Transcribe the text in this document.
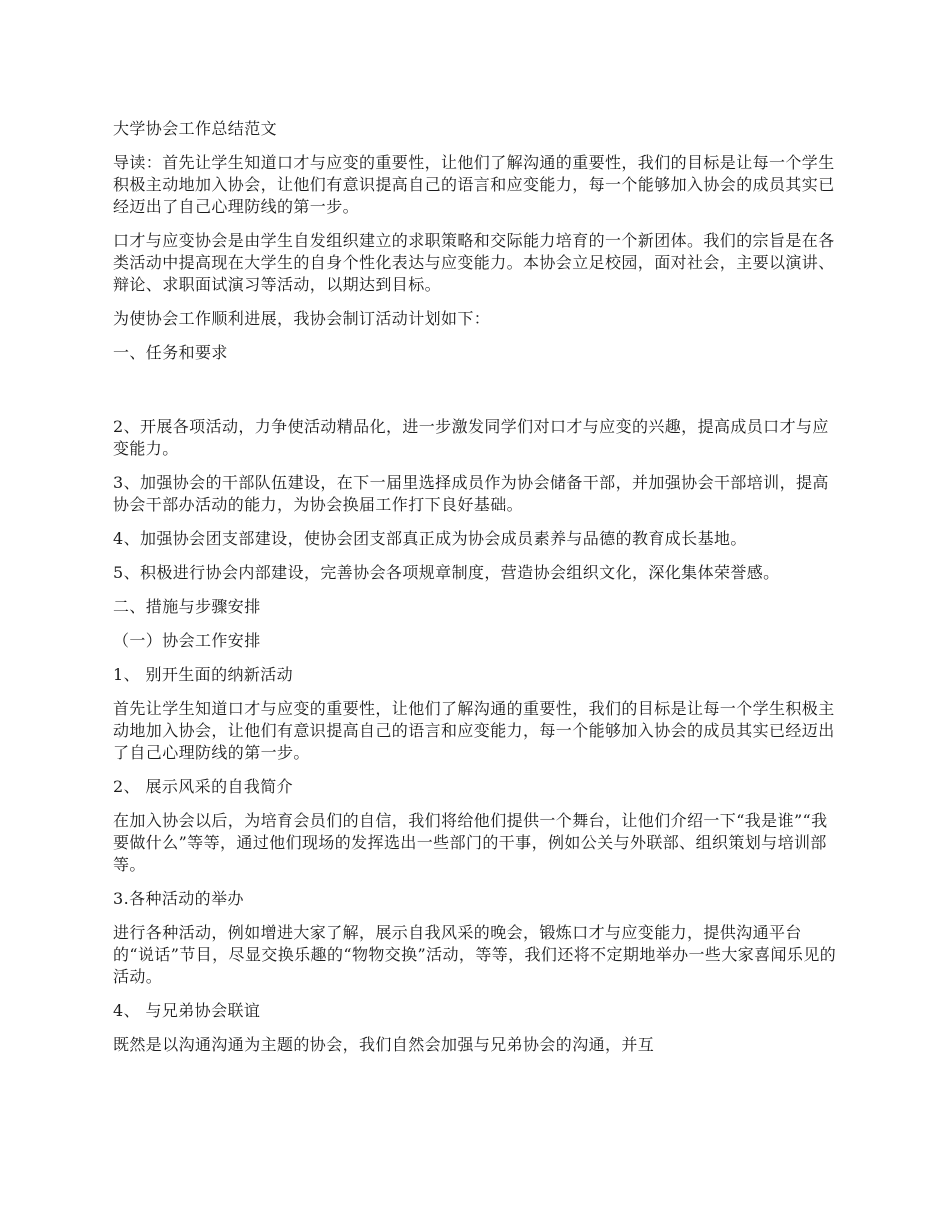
大学协会工作总结范文

导读：首先让学生知道口才与应变的重要性，让他们了解沟通的重要性，我们的目标是让每一个学生积极主动地加入协会，让他们有意识提高自己的语言和应变能力，每一个能够加入协会的成员其实已经迈出了自己心理防线的第一步。

口才与应变协会是由学生自发组织建立的求职策略和交际能力培育的一个新团体。我们的宗旨是在各类活动中提高现在大学生的自身个性化表达与应变能力。本协会立足校园，面对社会，主要以演讲、辩论、求职面试演习等活动，以期达到目标。

为使协会工作顺利进展，我协会制订活动计划如下：

一、任务和要求

2、开展各项活动，力争使活动精品化，进一步激发同学们对口才与应变的兴趣，提高成员口才与应变能力。

3、加强协会的干部队伍建设，在下一届里选择成员作为协会储备干部，并加强协会干部培训，提高协会干部办活动的能力，为协会换届工作打下良好基础。

4、加强协会团支部建设，使协会团支部真正成为协会成员素养与品德的教育成长基地。

5、积极进行协会内部建设，完善协会各项规章制度，营造协会组织文化，深化集体荣誉感。

二、措施与步骤安排

（一）协会工作安排

1、 别开生面的纳新活动

首先让学生知道口才与应变的重要性，让他们了解沟通的重要性，我们的目标是让每一个学生积极主动地加入协会，让他们有意识提高自己的语言和应变能力，每一个能够加入协会的成员其实已经迈出了自己心理防线的第一步。

2、 展示风采的自我简介

在加入协会以后，为培育会员们的自信，我们将给他们提供一个舞台，让他们介绍一下“我是谁”“我要做什么”等等，通过他们现场的发挥选出一些部门的干事，例如公关与外联部、组织策划与培训部等。

3.各种活动的举办

进行各种活动，例如增进大家了解，展示自我风采的晚会，锻炼口才与应变能力，提供沟通平台的“说话”节目，尽显交换乐趣的“物物交换”活动，等等，我们还将不定期地举办一些大家喜闻乐见的活动。

4、 与兄弟协会联谊

既然是以沟通沟通为主题的协会，我们自然会加强与兄弟协会的沟通，并互
